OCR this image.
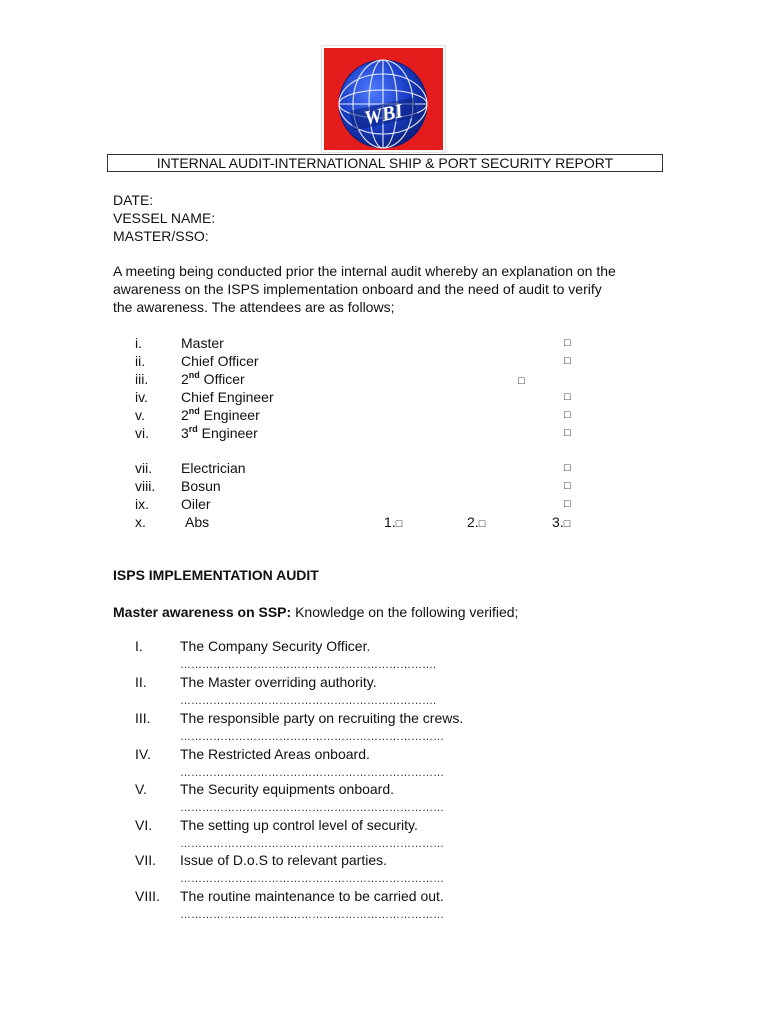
WBI
INTERNAL AUDIT-INTERNATIONAL SHIP & PORT SECURITY REPORT
DATE:
VESSEL NAME:
MASTER/SSO:
A meeting being conducted prior the internal audit whereby an explanation on the
awareness on the ISPS implementation onboard and the need of audit to verify
the awareness. The attendees are as follows;
i.	Master	□
ii.	Chief Officer	□
iii. 2nd Officer	□
iv. Chief Engineer	□
v.	2nd Engineer	□
vi. 3rd Engineer	□
vii. Electrician	□
viii. Bosun	□
ix. Oiler	□
x.	Abs	1.□	2.□	3.□
ISPS IMPLEMENTATION AUDIT
Master awareness on SSP: Knowledge on the following verified;
I.	The Company Security Officer.
…………………………………………………………….
II. The Master overriding authority.
…………………………………………………………….
III. The responsible party on recruiting the crews.
………………………………………………………………
IV. The Restricted Areas onboard.
………………………………………………………………
V. The Security equipments onboard.
………………………………………………………………
VI. The setting up control level of security.
………………………………………………………………
VII. Issue of D.o.S to relevant parties.
………………………………………………………………
VIII. The routine maintenance to be carried out.
………………………………………………………………
